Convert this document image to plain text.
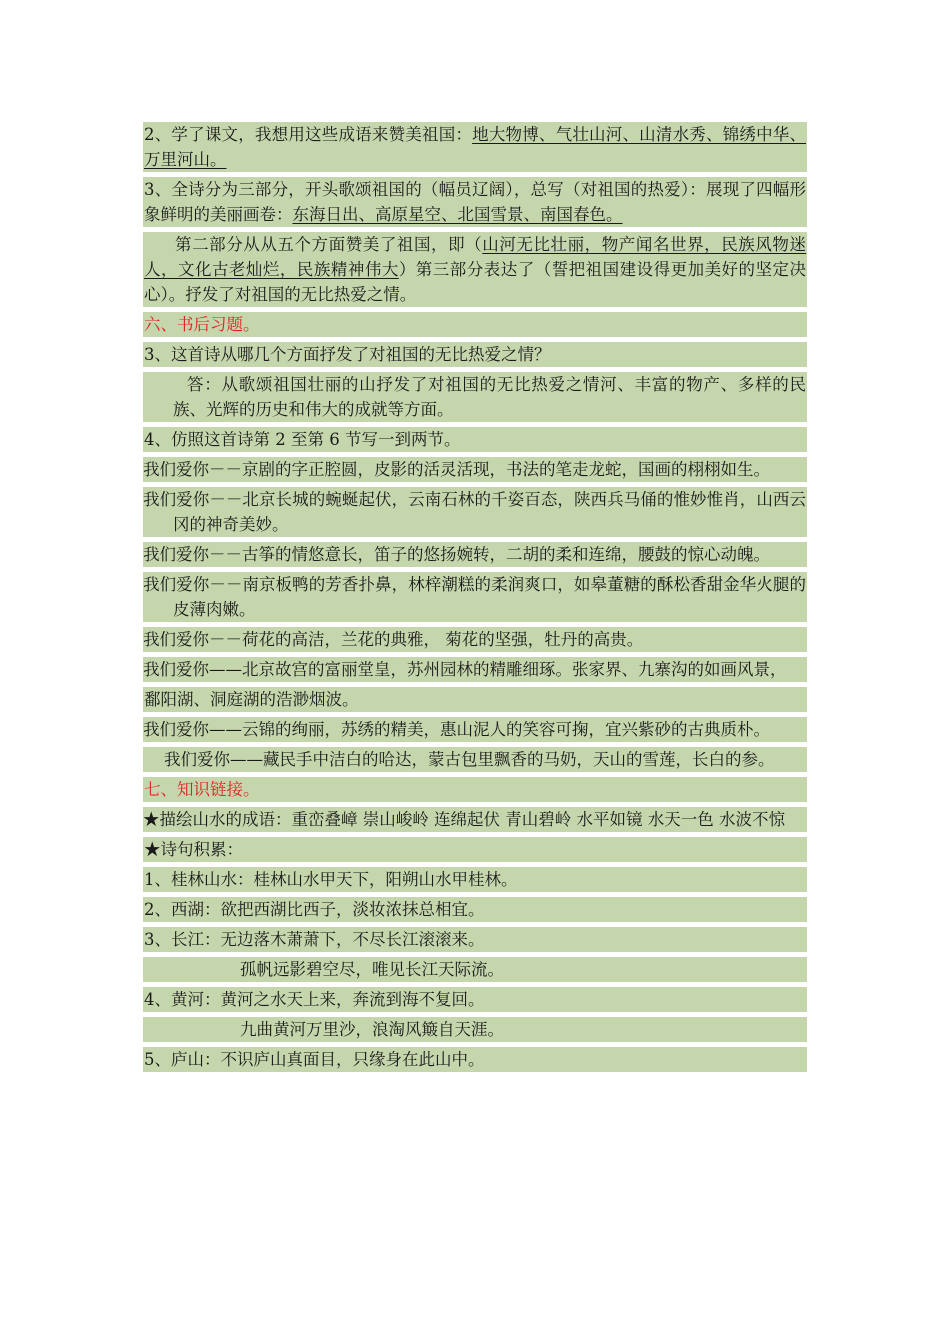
2、学了课文，我想用这些成语来赞美祖国：地大物博、气壮山河、山清水秀、锦绣中华、万里河山。
3、全诗分为三部分，开头歌颂祖国的（幅员辽阔），总写（对祖国的热爱）：展现了四幅形象鲜明的美丽画卷：东海日出、高原星空、北国雪景、南国春色。
第二部分从从五个方面赞美了祖国，即（山河无比壮丽，物产闻名世界，民族风物迷人，文化古老灿烂，民族精神伟大）第三部分表达了（誓把祖国建设得更加美好的坚定决心）。抒发了对祖国的无比热爱之情。
六、书后习题。
3、这首诗从哪几个方面抒发了对祖国的无比热爱之情？
答：从歌颂祖国壮丽的山抒发了对祖国的无比热爱之情河、丰富的物产、多样的民族、光辉的历史和伟大的成就等方面。
4、仿照这首诗第 2 至第 6 节写一到两节。
我们爱你－－京剧的字正腔圆，皮影的活灵活现，书法的笔走龙蛇，国画的栩栩如生。
我们爱你－－北京长城的蜿蜒起伏，云南石林的千姿百态，陕西兵马俑的惟妙惟肖，山西云冈的神奇美妙。
我们爱你－－古筝的情悠意长，笛子的悠扬婉转，二胡的柔和连绵，腰鼓的惊心动魄。
我们爱你－－南京板鸭的芳香扑鼻，林梓潮糕的柔润爽口，如皋董糖的酥松香甜金华火腿的皮薄肉嫩。
我们爱你－－荷花的高洁，兰花的典雅， 菊花的坚强，牡丹的高贵。
我们爱你——北京故宫的富丽堂皇，苏州园林的精雕细琢。张家界、九寨沟的如画风景，
鄱阳湖、洞庭湖的浩渺烟波。
我们爱你——云锦的绚丽，苏绣的精美，惠山泥人的笑容可掬，宜兴紫砂的古典质朴。
我们爱你——藏民手中洁白的哈达，蒙古包里飘香的马奶，天山的雪莲，长白的参。
七、知识链接。
★描绘山水的成语：重峦叠嶂 崇山峻岭 连绵起伏 青山碧岭 水平如镜 水天一色 水波不惊
★诗句积累：
1、桂林山水：桂林山水甲天下，阳朔山水甲桂林。
2、西湖：欲把西湖比西子，淡妆浓抹总相宜。
3、长江：无边落木萧萧下，不尽长江滚滚来。
孤帆远影碧空尽，唯见长江天际流。
4、黄河：黄河之水天上来，奔流到海不复回。
九曲黄河万里沙，浪淘风簸自天涯。
5、庐山：不识庐山真面目，只缘身在此山中。
